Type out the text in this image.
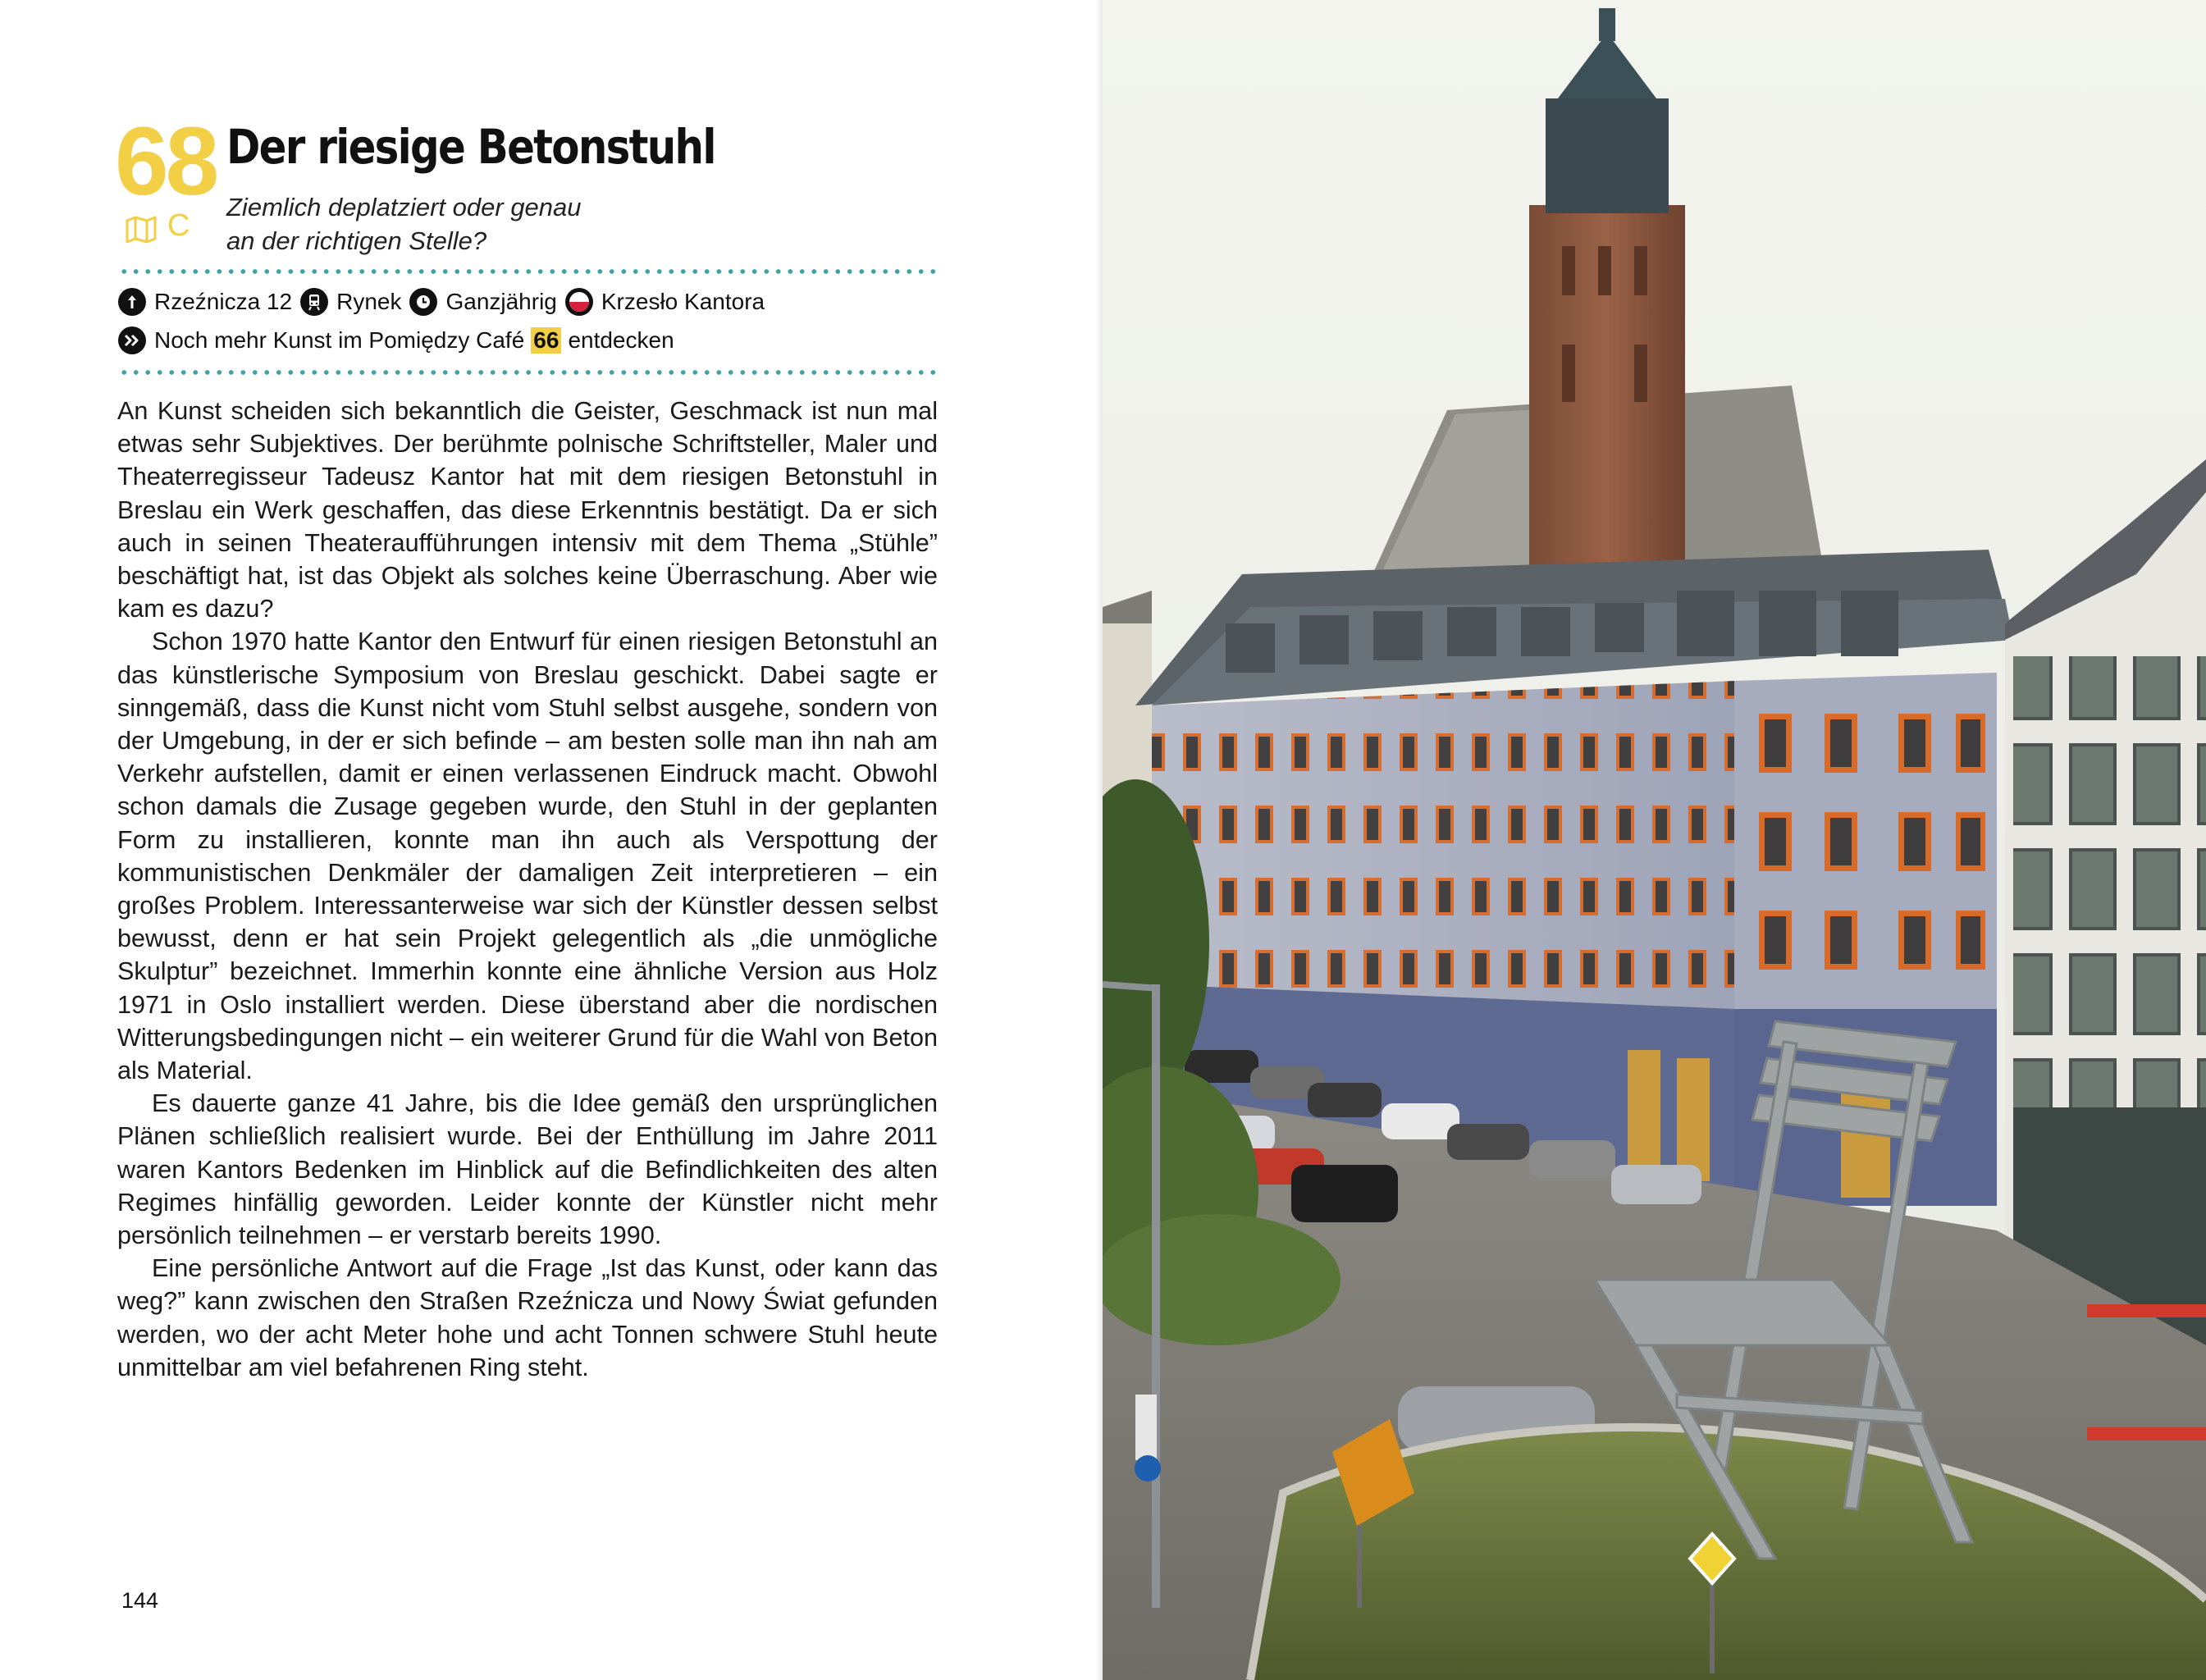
68
C
Der riesige Betonstuhl
Ziemlich deplatziert oder genau
an der richtigen Stelle?
Rzeźnicza 12 Rynek Ganzjährig Krzesło Kantora
Noch mehr Kunst im Pomiędzy Café 66 entdecken

An Kunst scheiden sich bekanntlich die Geister, Geschmack ist nun mal etwas sehr Subjektives. Der berühmte polnische Schriftsteller, Maler und Theaterregisseur Tadeusz Kantor hat mit dem riesigen Betonstuhl in Breslau ein Werk geschaffen, das diese Erkenntnis bestätigt. Da er sich auch in seinen Theateraufführungen intensiv mit dem Thema „Stühle” beschäftigt hat, ist das Objekt als solches keine Überraschung. Aber wie kam es dazu?

Schon 1970 hatte Kantor den Entwurf für einen riesigen Betonstuhl an das künstlerische Symposium von Breslau geschickt. Dabei sagte er sinngemäß, dass die Kunst nicht vom Stuhl selbst ausgehe, sondern von der Umgebung, in der er sich befinde – am besten solle man ihn nah am Verkehr aufstellen, damit er einen verlassenen Eindruck macht. Obwohl schon damals die Zusage gegeben wurde, den Stuhl in der geplanten Form zu installieren, konnte man ihn auch als Verspottung der kommunistischen Denkmäler der damaligen Zeit interpretieren – ein großes Problem. Interessanterweise war sich der Künstler dessen selbst bewusst, denn er hat sein Projekt gelegentlich als „die unmögliche Skulptur” bezeichnet. Immerhin konnte eine ähnliche Version aus Holz 1971 in Oslo installiert werden. Diese überstand aber die nordischen Witterungsbedingungen nicht – ein weiterer Grund für die Wahl von Beton als Material.

Es dauerte ganze 41 Jahre, bis die Idee gemäß den ursprünglichen Plänen schließlich realisiert wurde. Bei der Enthüllung im Jahre 2011 waren Kantors Bedenken im Hinblick auf die Befindlichkeiten des alten Regimes hinfällig geworden. Leider konnte der Künstler nicht mehr persönlich teilnehmen – er verstarb bereits 1990.

Eine persönliche Antwort auf die Frage „Ist das Kunst, oder kann das weg?” kann zwischen den Straßen Rzeźnicza und Nowy Świat gefunden werden, wo der acht Meter hohe und acht Tonnen schwere Stuhl heute unmittelbar am viel befahrenen Ring steht.

144
